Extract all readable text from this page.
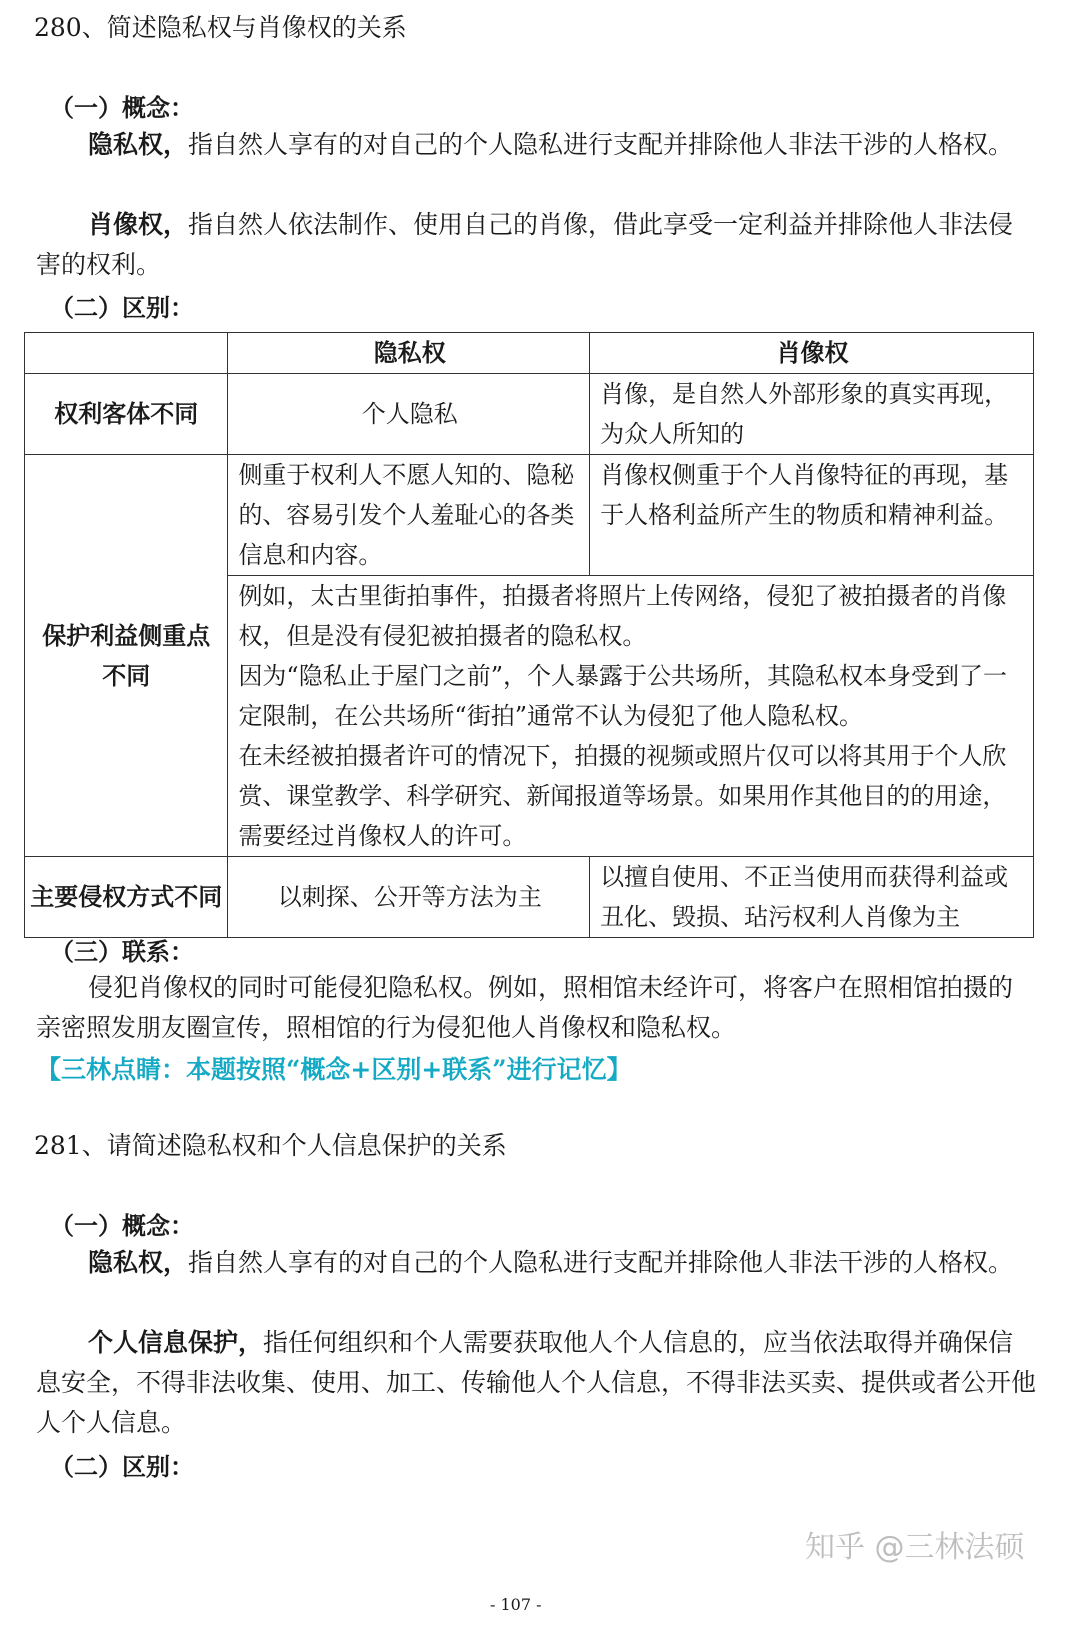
280、简述隐私权与肖像权的关系
（一）概念：

隐私权，指自然人享有的对自己的个人隐私进行支配并排除他人非法干涉的人格权。

肖像权，指自然人依法制作、使用自己的肖像，借此享受一定利益并排除他人非法侵害的权利。

（二）区别：
	隐私权	肖像权
权利客体不同	个人隐私	肖像，是自然人外部形象的真实再现，为众人所知的
保护利益侧重点不同	侧重于权利人不愿人知的、隐秘的、容易引发个人羞耻心的各类信息和内容。	肖像权侧重于个人肖像特征的再现，基于人格利益所产生的物质和精神利益。

	例如，太古里街拍事件，拍摄者将照片上传网络，侵犯了被拍摄者的肖像权，但是没有侵犯被拍摄者的隐私权。
因为“隐私止于屋门之前”，个人暴露于公共场所，其隐私权本身受到了一定限制，在公共场所“街拍”通常不认为侵犯了他人隐私权。
在未经被拍摄者许可的情况下，拍摄的视频或照片仅可以将其用于个人欣赏、课堂教学、科学研究、新闻报道等场景。如果用作其他目的的用途，需要经过肖像权人的许可。	

主要侵权方式不同	以刺探、公开等方法为主	以擅自使用、不正当使用而获得利益或丑化、毁损、玷污权利人肖像为主
（三）联系：

侵犯肖像权的同时可能侵犯隐私权。例如，照相馆未经许可，将客户在照相馆拍摄的亲密照发朋友圈宣传，照相馆的行为侵犯他人肖像权和隐私权。

【三林点睛：本题按照“概念+区别+联系”进行记忆】
281、请简述隐私权和个人信息保护的关系
（一）概念：

隐私权，指自然人享有的对自己的个人隐私进行支配并排除他人非法干涉的人格权。

个人信息保护，指任何组织和个人需要获取他人个人信息的，应当依法取得并确保信息安全，不得非法收集、使用、加工、传输他人个人信息，不得非法买卖、提供或者公开他人个人信息。

（二）区别：
知乎 @三林法硕
- 107 -
